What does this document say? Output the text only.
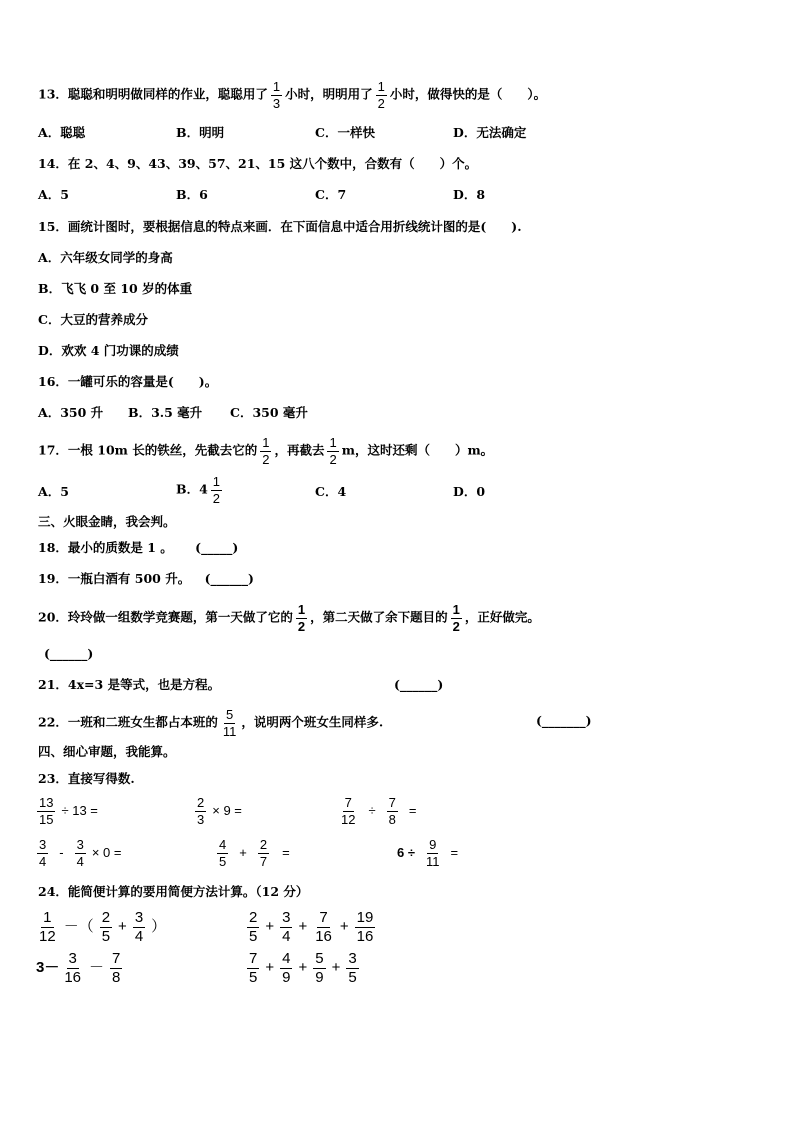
13．聪聪和明明做同样的作业，聪聪用了 $\frac{1}{3}$ 小时，明明用了 $\frac{1}{2}$ 小时，做得快的是（　　）。
A．聪聪	B．明明	C．一样快	D．无法确定
14．在 2、4、9、43、39、57、21、15 这八个数中，合数有（　　）个。
A．5	B．6	C．7	D．8
15．画统计图时，要根据信息的特点来画．在下面信息中适合用折线统计图的是(　　).
A．六年级女同学的身高
B．飞飞 0 至 10 岁的体重
C．大豆的营养成分
D．欢欢 4 门功课的成绩
16．一罐可乐的容量是(　　)。
A．350 升 B．3.5 毫升 C．350 毫升
17．一根 10m 长的铁丝，先截去它的 $\frac{1}{2}$ ，再截去 $\frac{1}{2}$ m，这时还剩（　　）m。
A．5	B．$4 \frac{1}{2}$	C．4	D．0
三、火眼金睛，我会判。
18．最小的质数是 1 。 (_____)
19．一瓶白酒有 500 升。 (______)
20．玲玲做一组数学竞赛题，第一天做了它的 $\frac{1}{2}$ ，第二天做了余下题目的 $\frac{1}{2}$ ，正好做完。
(______)
21．4x=3 是等式，也是方程。	(______)
22．一班和二班女生都占本班的 $\frac{5}{11}$ ，说明两个班女生同样多.	(_______)
四、细心审题，我能算。
23．直接写得数.
$\frac{13}{15} \div 13$ =	$\frac{2}{3} \times 9$ =	$\frac{7}{12} \div \frac{7}{8}$ =
$\frac{3}{4} - \frac{3}{4} \times 0$ =	$\frac{4}{5} + \frac{2}{7}$ =	$6 \div \frac{9}{11}$ =
24．能简便计算的要用简便方法计算。（12 分）
$\frac{1}{12}$ －（ $\frac{2}{5} + \frac{3}{4}$ ）	$\frac{2}{5} + \frac{3}{4} + \frac{7}{16} + \frac{19}{16}$
$3- \frac{3}{16} - \frac{7}{8}$	$\frac{7}{5} + \frac{4}{9} + \frac{5}{9} + \frac{3}{5}$
